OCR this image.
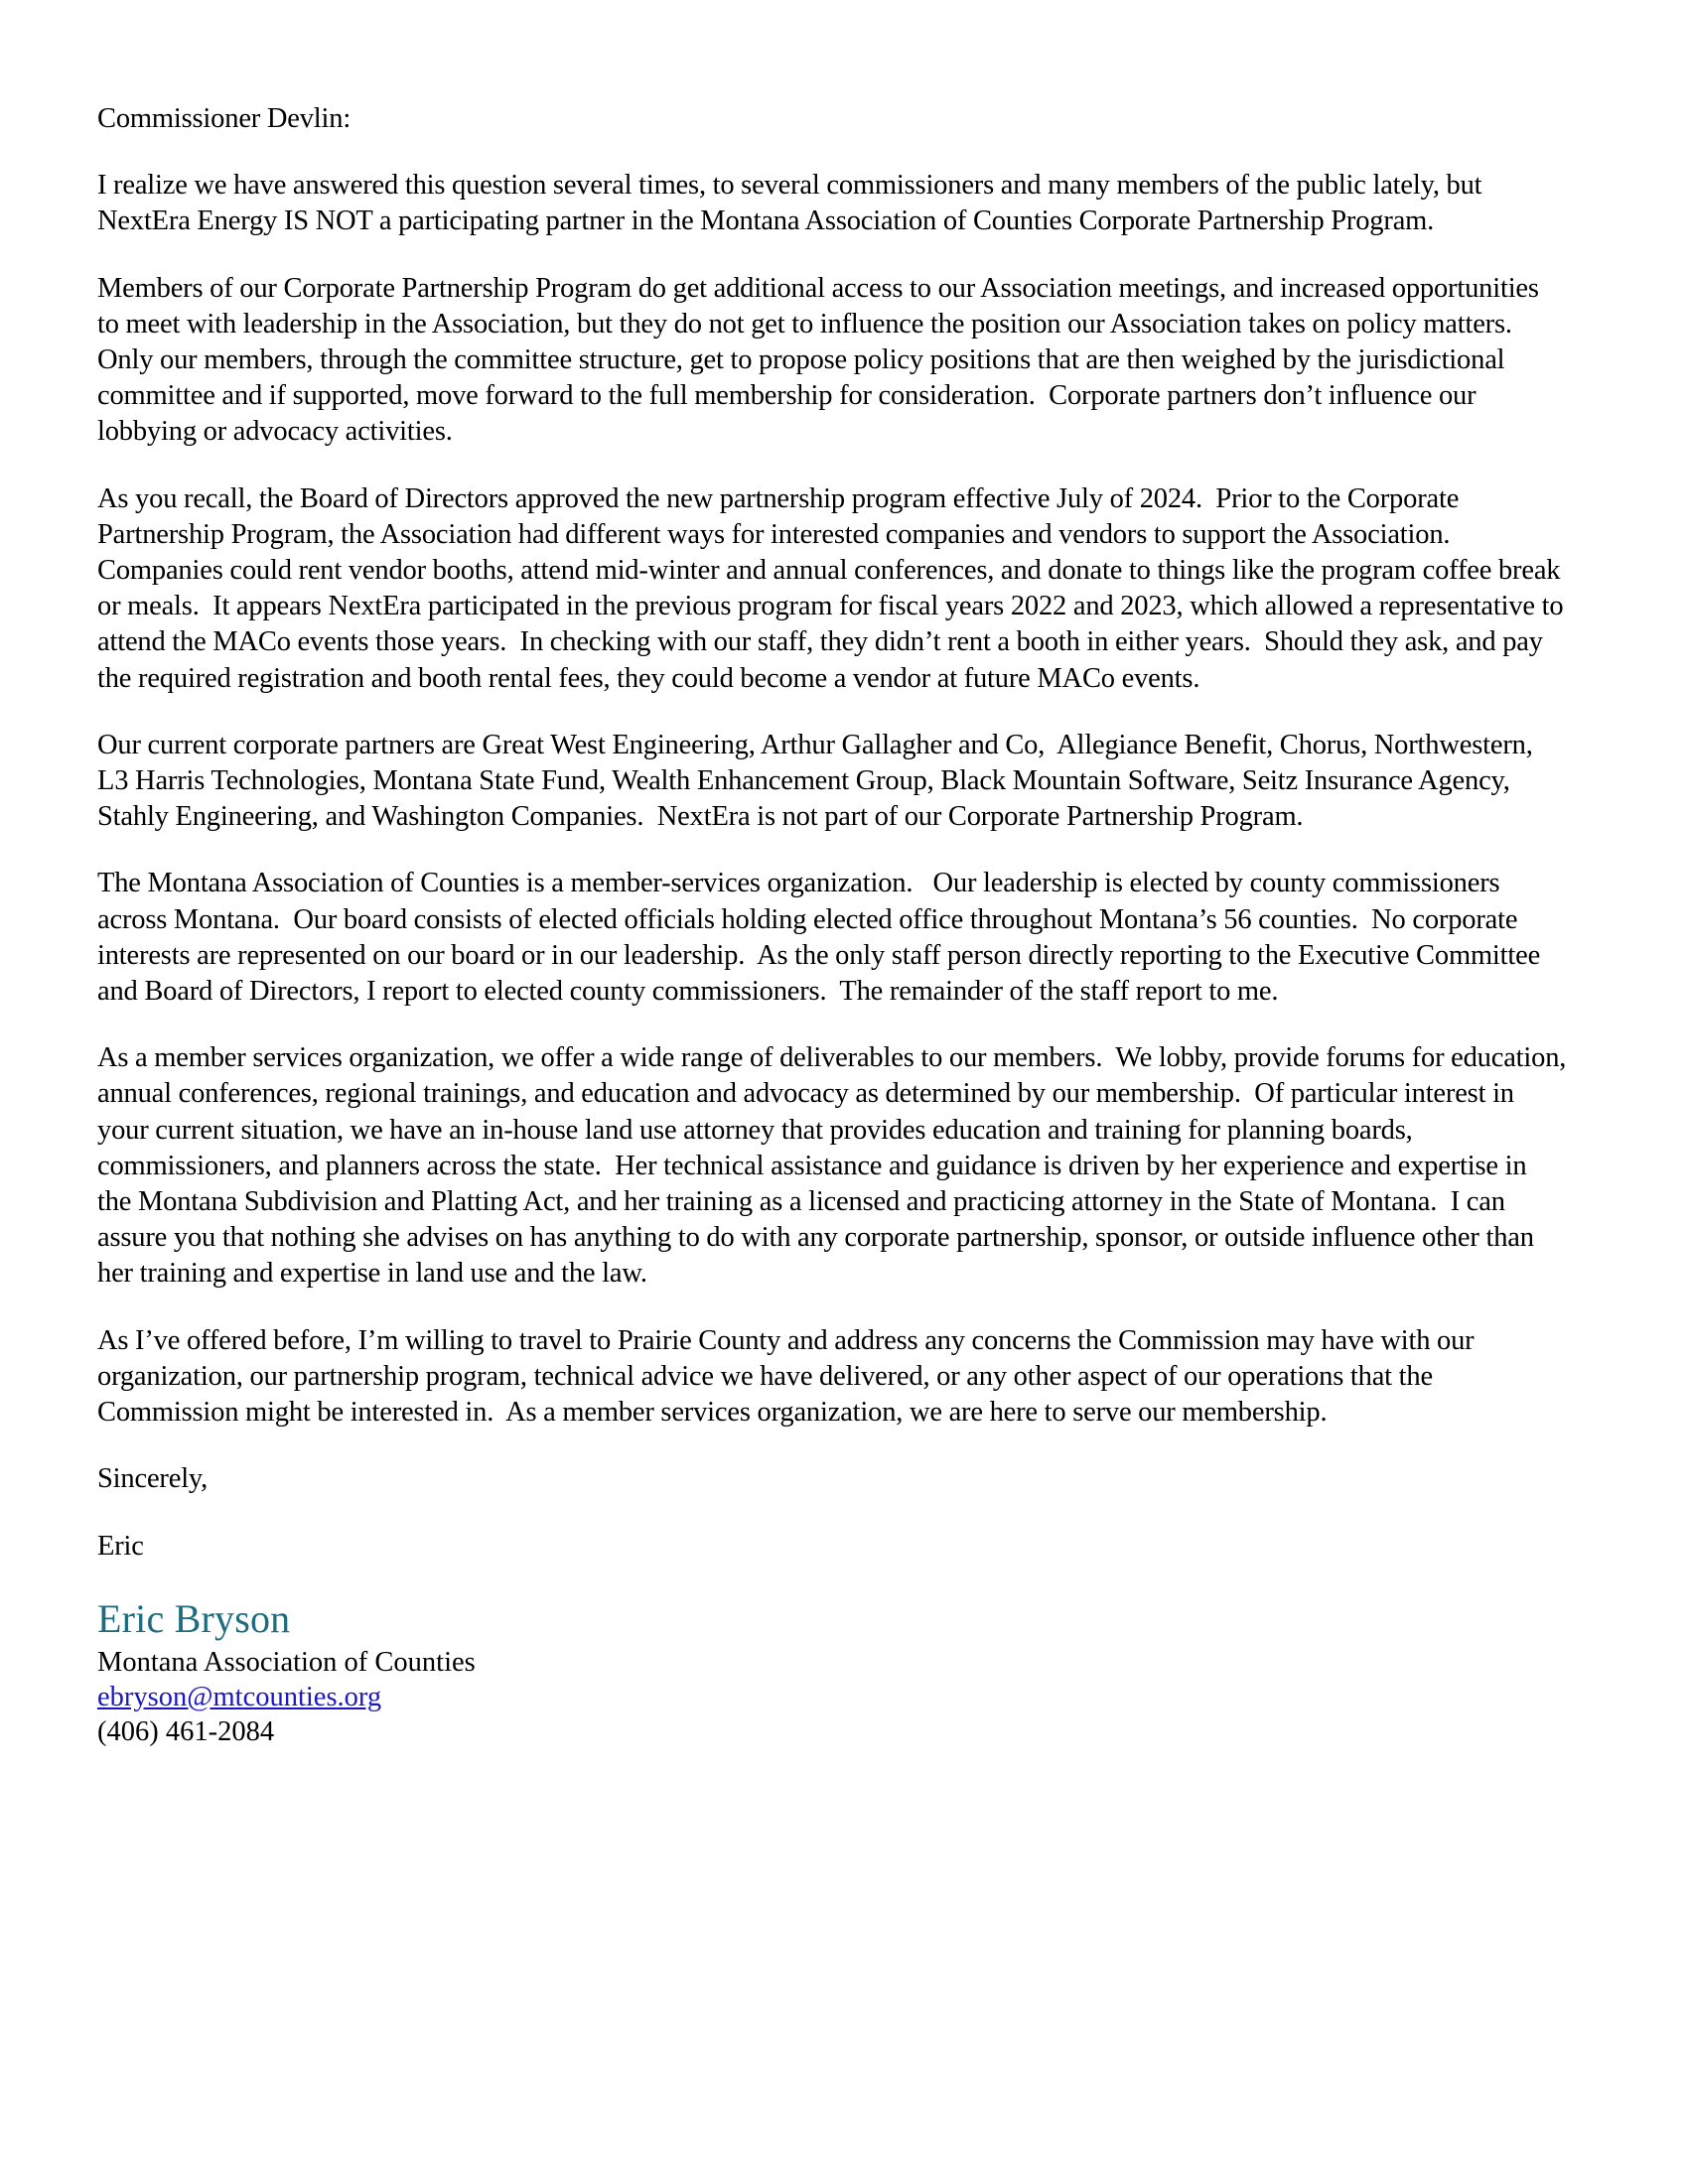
Commissioner Devlin:

I realize we have answered this question several times, to several commissioners and many members of the public lately, but NextEra Energy IS NOT a participating partner in the Montana Association of Counties Corporate Partnership Program.

Members of our Corporate Partnership Program do get additional access to our Association meetings, and increased opportunities to meet with leadership in the Association, but they do not get to influence the position our Association takes on policy matters.  Only our members, through the committee structure, get to propose policy positions that are then weighed by the jurisdictional committee and if supported, move forward to the full membership for consideration.  Corporate partners don’t influence our lobbying or advocacy activities.

As you recall, the Board of Directors approved the new partnership program effective July of 2024.  Prior to the Corporate Partnership Program, the Association had different ways for interested companies and vendors to support the Association.  Companies could rent vendor booths, attend mid-winter and annual conferences, and donate to things like the program coffee break or meals.  It appears NextEra participated in the previous program for fiscal years 2022 and 2023, which allowed a representative to attend the MACo events those years.  In checking with our staff, they didn’t rent a booth in either years.  Should they ask, and pay the required registration and booth rental fees, they could become a vendor at future MACo events.

Our current corporate partners are Great West Engineering, Arthur Gallagher and Co,  Allegiance Benefit, Chorus, Northwestern, L3 Harris Technologies, Montana State Fund, Wealth Enhancement Group, Black Mountain Software, Seitz Insurance Agency, Stahly Engineering, and Washington Companies.  NextEra is not part of our Corporate Partnership Program.

The Montana Association of Counties is a member-services organization.   Our leadership is elected by county commissioners across Montana.  Our board consists of elected officials holding elected office throughout Montana’s 56 counties.  No corporate interests are represented on our board or in our leadership.  As the only staff person directly reporting to the Executive Committee and Board of Directors, I report to elected county commissioners.  The remainder of the staff report to me.

As a member services organization, we offer a wide range of deliverables to our members.  We lobby, provide forums for education, annual conferences, regional trainings, and education and advocacy as determined by our membership.  Of particular interest in your current situation, we have an in-house land use attorney that provides education and training for planning boards, commissioners, and planners across the state.  Her technical assistance and guidance is driven by her experience and expertise in the Montana Subdivision and Platting Act, and her training as a licensed and practicing attorney in the State of Montana.  I can assure you that nothing she advises on has anything to do with any corporate partnership, sponsor, or outside influence other than her training and expertise in land use and the law.

As I’ve offered before, I’m willing to travel to Prairie County and address any concerns the Commission may have with our organization, our partnership program, technical advice we have delivered, or any other aspect of our operations that the Commission might be interested in.  As a member services organization, we are here to serve our membership.

Sincerely,

Eric

Eric Bryson
Montana Association of Counties
ebryson@mtcounties.org
(406) 461-2084
